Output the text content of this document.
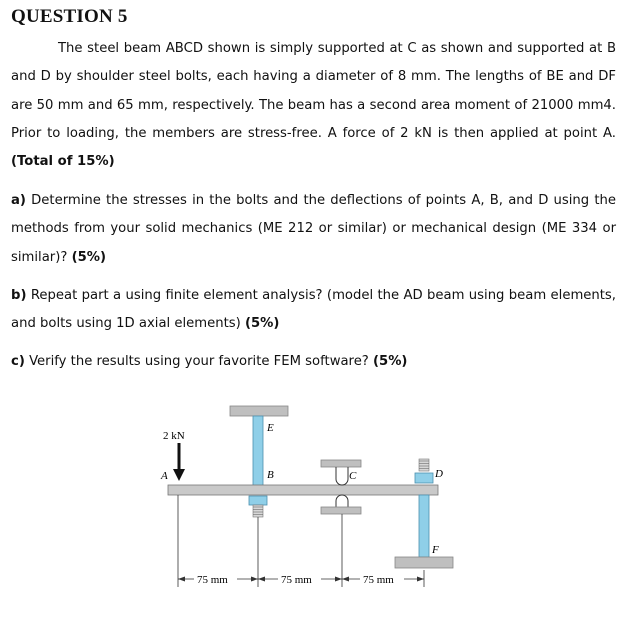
QUESTION 5
The steel beam ABCD shown is simply supported at C as shown and supported at B and D by shoulder steel bolts, each having a diameter of 8 mm. The lengths of BE and DF are 50 mm and 65 mm, respectively. The beam has a second area moment of 21000 mm4. Prior to loading, the members are stress-free. A force of 2 kN is then applied at point A. (Total of 15%)
a) Determine the stresses in the bolts and the deflections of points A, B, and D using the methods from your solid mechanics (ME 212 or similar) or mechanical design (ME 334 or similar)? (5%)
b) Repeat part a using finite element analysis? (model the AD beam using beam elements, and bolts using 1D axial elements) (5%)
c) Verify the results using your favorite FEM software? (5%)
2 kN
A	B	C	D
E
F
75 mm	75 mm	75 mm
